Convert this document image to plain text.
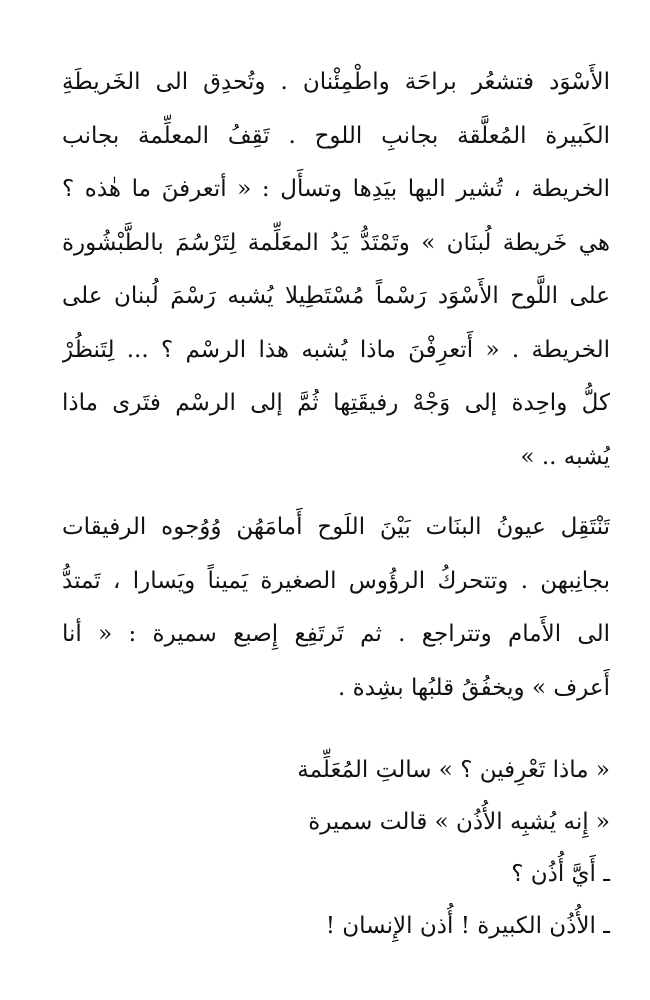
الأَسْوَد فتشعُر براحَة واطْمِئْنان . وتُحدِق الى الخَريطَةِ
الكَبيرة المُعلَّقة بجانبِ اللوح . تَقِفُ المعلِّمة بجانب
الخريطة ، تُشير اليها بيَدِها وتسأَل : « أتعرفنَ ما هٰذه ؟
هي خَريطة لُبنَان » وتَمْتَدُّ يَدُ المعَلِّمة لِتَرْسُمَ بالطَّبْشُورة
على اللَّوح الأَسْوَد رَسْماً مُسْتَطِيلا يُشبه رَسْمَ لُبنان على
الخريطة . « أَتعرِفْنَ ماذا يُشبه هذا الرسْم ؟ ... لِتَنظُرْ
كلُّ واحِدة إلى وَجْهْ رفيقَتِها ثُمَّ إلى الرسْم فتَرى ماذا
يُشبه .. »
تَنْتَقِل عيونُ البنَات بَيْنَ اللَوح أَمامَهُن وُوُجوه الرفيقات
بجانِبهن . وتتحركُ الرؤُوس الصغيرة يَميناً ويَسارا ، تَمتدُّ
الى الأَمام وتتراجع . ثم تَرتَفِع إِصبع سميرة : « أنا
أَعرف » ويخفُقُ قلبُها بشِدة .
« ماذا تَعْرِفين ؟ » سالتِ المُعَلِّمة
« إِنه يُشبِه الأُذُن » قالت سميرة
ـ أَيَّ أُذُن ؟
ـ الأُذُن الكبيرة ! أُذن الإِنسان !
